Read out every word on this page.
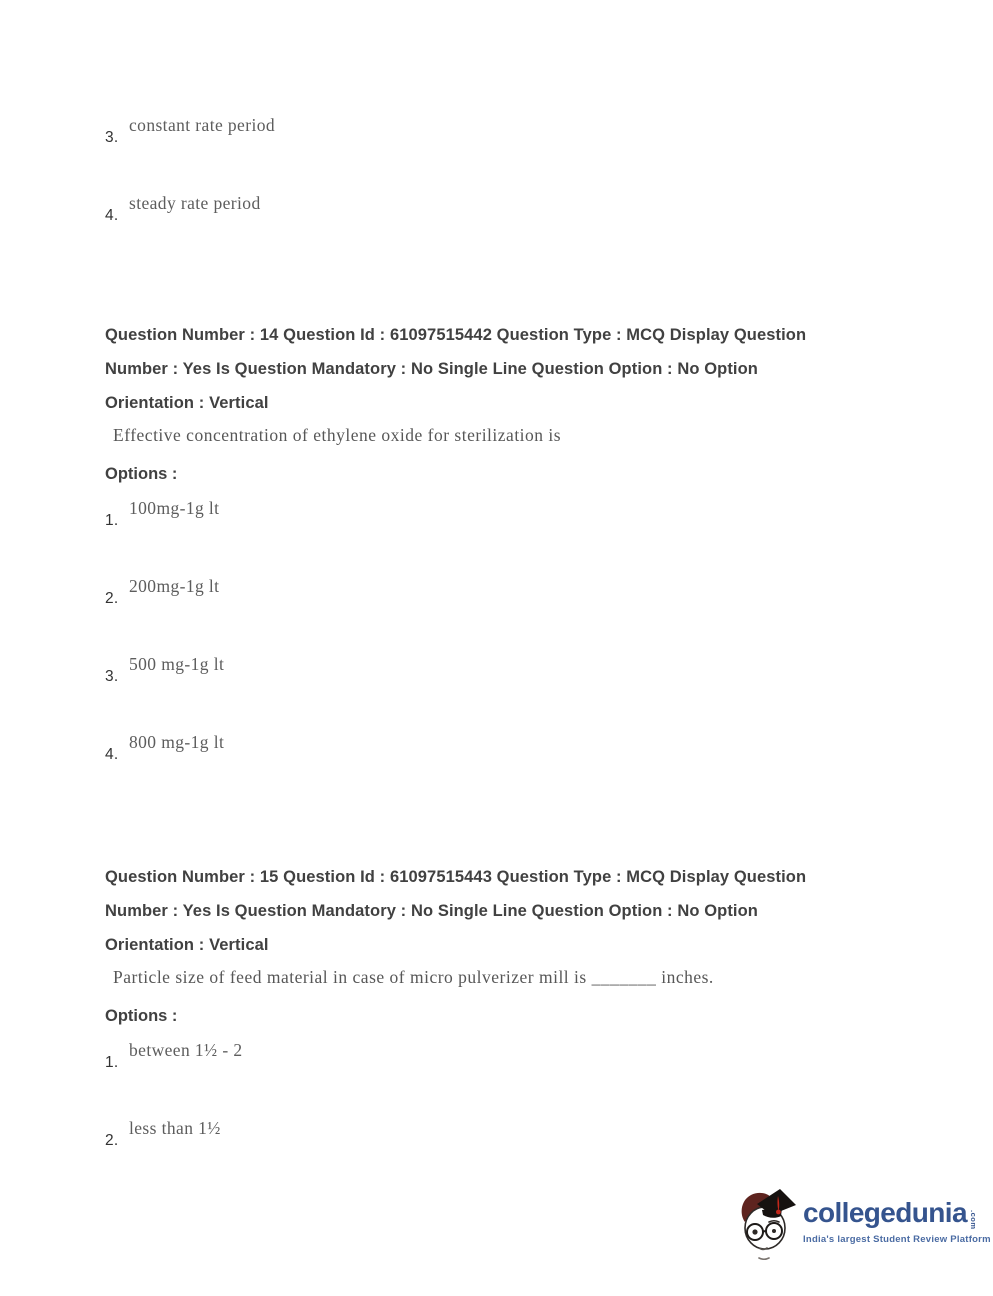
3.
constant rate period
4.
steady rate period
Question Number : 14 Question Id : 61097515442 Question Type : MCQ Display Question
Number : Yes Is Question Mandatory : No Single Line Question Option : No Option
Orientation : Vertical
Effective concentration of ethylene oxide for sterilization is
Options :
1.
100mg-1g lt
2.
200mg-1g lt
3.
500 mg-1g lt
4.
800 mg-1g lt
Question Number : 15 Question Id : 61097515443 Question Type : MCQ Display Question
Number : Yes Is Question Mandatory : No Single Line Question Option : No Option
Orientation : Vertical
Particle size of feed material in case of micro pulverizer mill is _______ inches.
Options :
1.
between 1½ - 2
2.
less than 1½
collegedunia .com
India's largest Student Review Platform
